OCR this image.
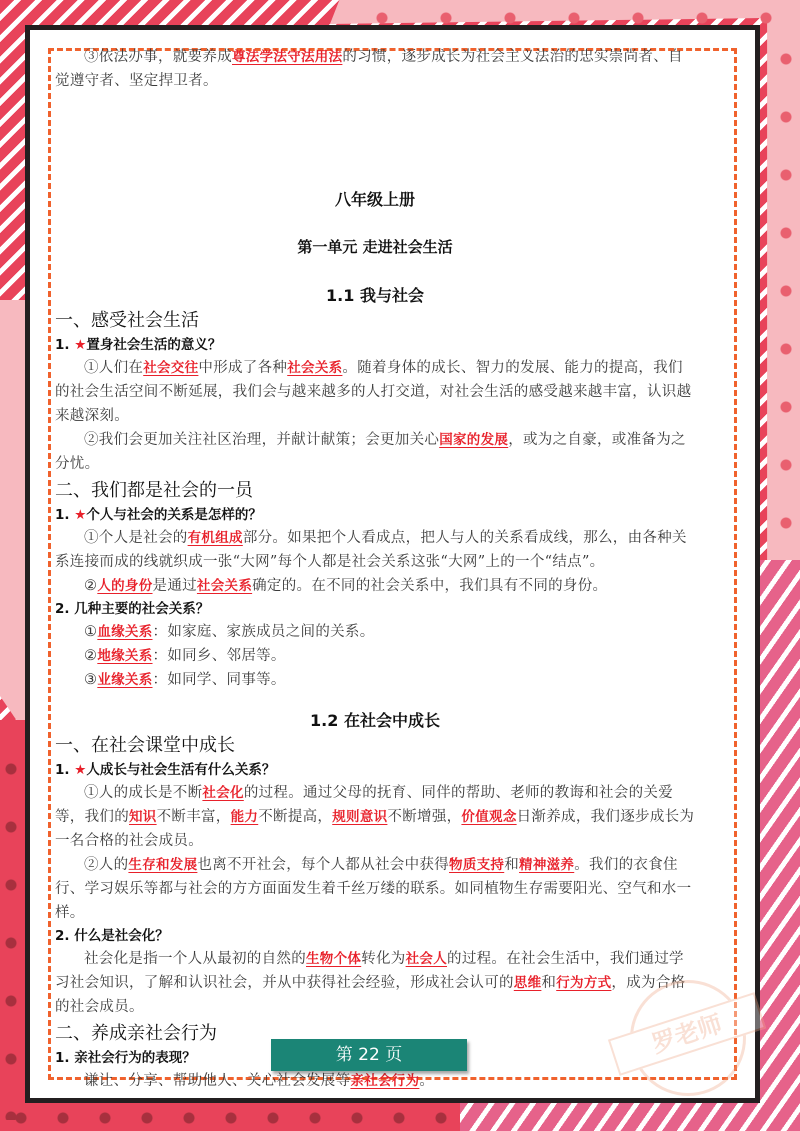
③依法办事，就要养成尊法学法守法用法的习惯，逐步成长为社会主义法治的忠实崇尚者、自觉遵守者、坚定捍卫者。

八年级上册
第一单元 走进社会生活
1.1 我与社会
一、感受社会生活
1. ★置身社会生活的意义？

①人们在社会交往中形成了各种社会关系。随着身体的成长、智力的发展、能力的提高，我们的社会生活空间不断延展，我们会与越来越多的人打交道，对社会生活的感受越来越丰富，认识越来越深刻。

②我们会更加关注社区治理，并献计献策；会更加关心国家的发展，或为之自豪，或准备为之分忧。

二、我们都是社会的一员
1. ★个人与社会的关系是怎样的？

①个人是社会的有机组成部分。如果把个人看成点，把人与人的关系看成线，那么，由各种关系连接而成的线就织成一张“大网”每个人都是社会关系这张“大网”上的一个“结点”。

②人的身份是通过社会关系确定的。在不同的社会关系中，我们具有不同的身份。

2. 几种主要的社会关系？

①血缘关系：如家庭、家族成员之间的关系。

②地缘关系：如同乡、邻居等。

③业缘关系：如同学、同事等。

1.2 在社会中成长
一、在社会课堂中成长
1. ★人成长与社会生活有什么关系？

①人的成长是不断社会化的过程。通过父母的抚育、同伴的帮助、老师的教诲和社会的关爱等，我们的知识不断丰富，能力不断提高，规则意识不断增强，价值观念日渐养成，我们逐步成长为一名合格的社会成员。

②人的生存和发展也离不开社会，每个人都从社会中获得物质支持和精神滋养。我们的衣食住行、学习娱乐等都与社会的方方面面发生着千丝万缕的联系。如同植物生存需要阳光、空气和水一样。

2. 什么是社会化？

社会化是指一个人从最初的自然的生物个体转化为社会人的过程。在社会生活中，我们通过学习社会知识，了解和认识社会，并从中获得社会经验，形成社会认可的思维和行为方式，成为合格的社会成员。

二、养成亲社会行为
1. 亲社会行为的表现？

谦让、分享、帮助他人、关心社会发展等亲社会行为。

罗老师
第 22 页
